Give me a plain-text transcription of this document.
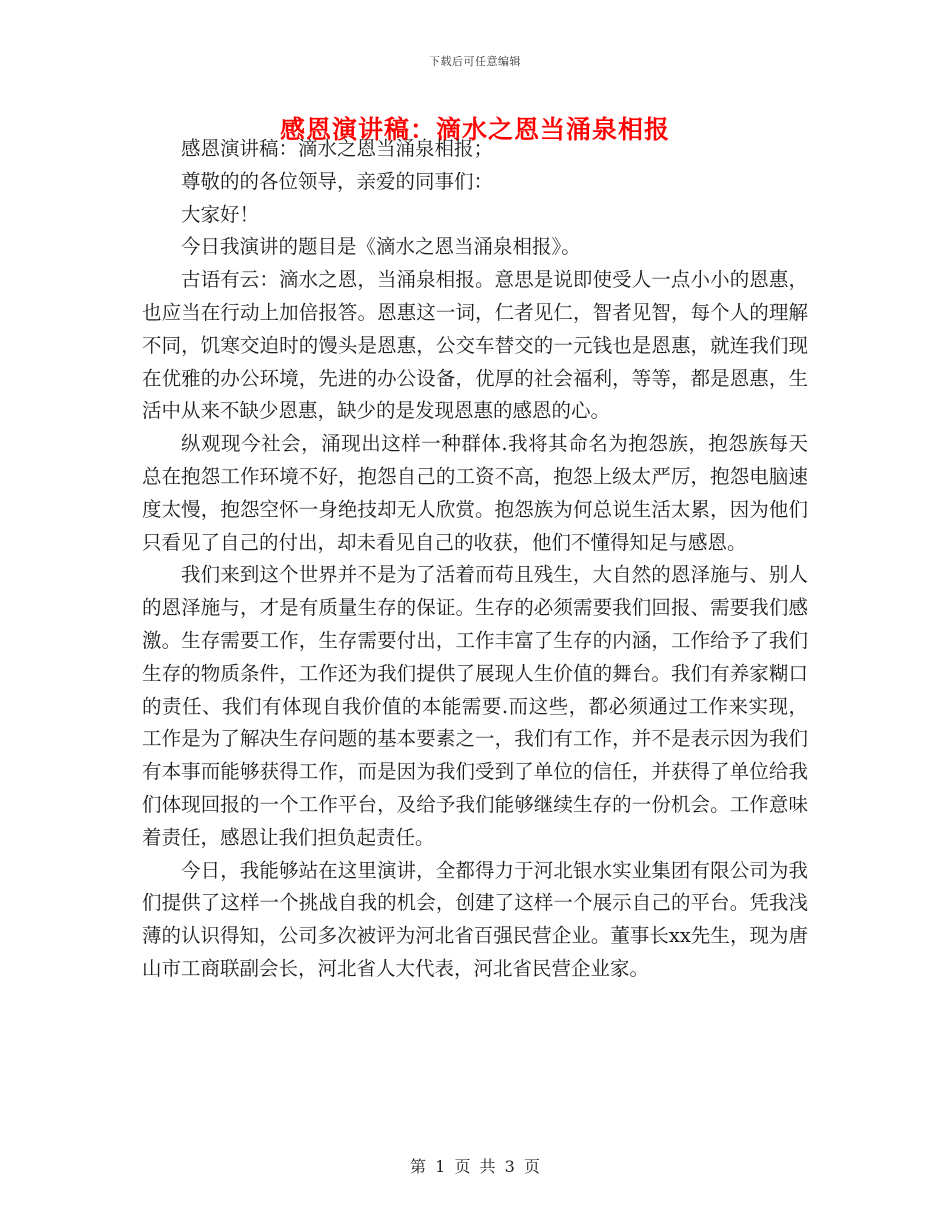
下载后可任意编辑
感恩演讲稿：滴水之恩当涌泉相报

感恩演讲稿：滴水之恩当涌泉相报；

尊敬的的各位领导，亲爱的同事们：

大家好！

今日我演讲的题目是《滴水之恩当涌泉相报》。

古语有云：滴水之恩，当涌泉相报。意思是说即使受人一点小小的恩惠，也应当在行动上加倍报答。恩惠这一词，仁者见仁，智者见智，每个人的理解不同，饥寒交迫时的馒头是恩惠，公交车替交的一元钱也是恩惠，就连我们现在优雅的办公环境，先进的办公设备，优厚的社会福利，等等，都是恩惠，生活中从来不缺少恩惠，缺少的是发现恩惠的感恩的心。

纵观现今社会，涌现出这样一种群体.我将其命名为抱怨族，抱怨族每天总在抱怨工作环境不好，抱怨自己的工资不高，抱怨上级太严厉，抱怨电脑速度太慢，抱怨空怀一身绝技却无人欣赏。抱怨族为何总说生活太累，因为他们只看见了自己的付出，却未看见自己的收获，他们不懂得知足与感恩。

我们来到这个世界并不是为了活着而苟且残生，大自然的恩泽施与、别人的恩泽施与，才是有质量生存的保证。生存的必须需要我们回报、需要我们感激。生存需要工作，生存需要付出，工作丰富了生存的内涵，工作给予了我们生存的物质条件，工作还为我们提供了展现人生价值的舞台。我们有养家糊口的责任、我们有体现自我价值的本能需要.而这些，都必须通过工作来实现，工作是为了解决生存问题的基本要素之一，我们有工作，并不是表示因为我们有本事而能够获得工作，而是因为我们受到了单位的信任，并获得了单位给我们体现回报的一个工作平台，及给予我们能够继续生存的一份机会。工作意味着责任，感恩让我们担负起责任。

今日，我能够站在这里演讲，全都得力于河北银水实业集团有限公司为我们提供了这样一个挑战自我的机会，创建了这样一个展示自己的平台。凭我浅薄的认识得知，公司多次被评为河北省百强民营企业。董事长xx先生，现为唐山市工商联副会长，河北省人大代表，河北省民营企业家。

第 1 页 共 3 页
